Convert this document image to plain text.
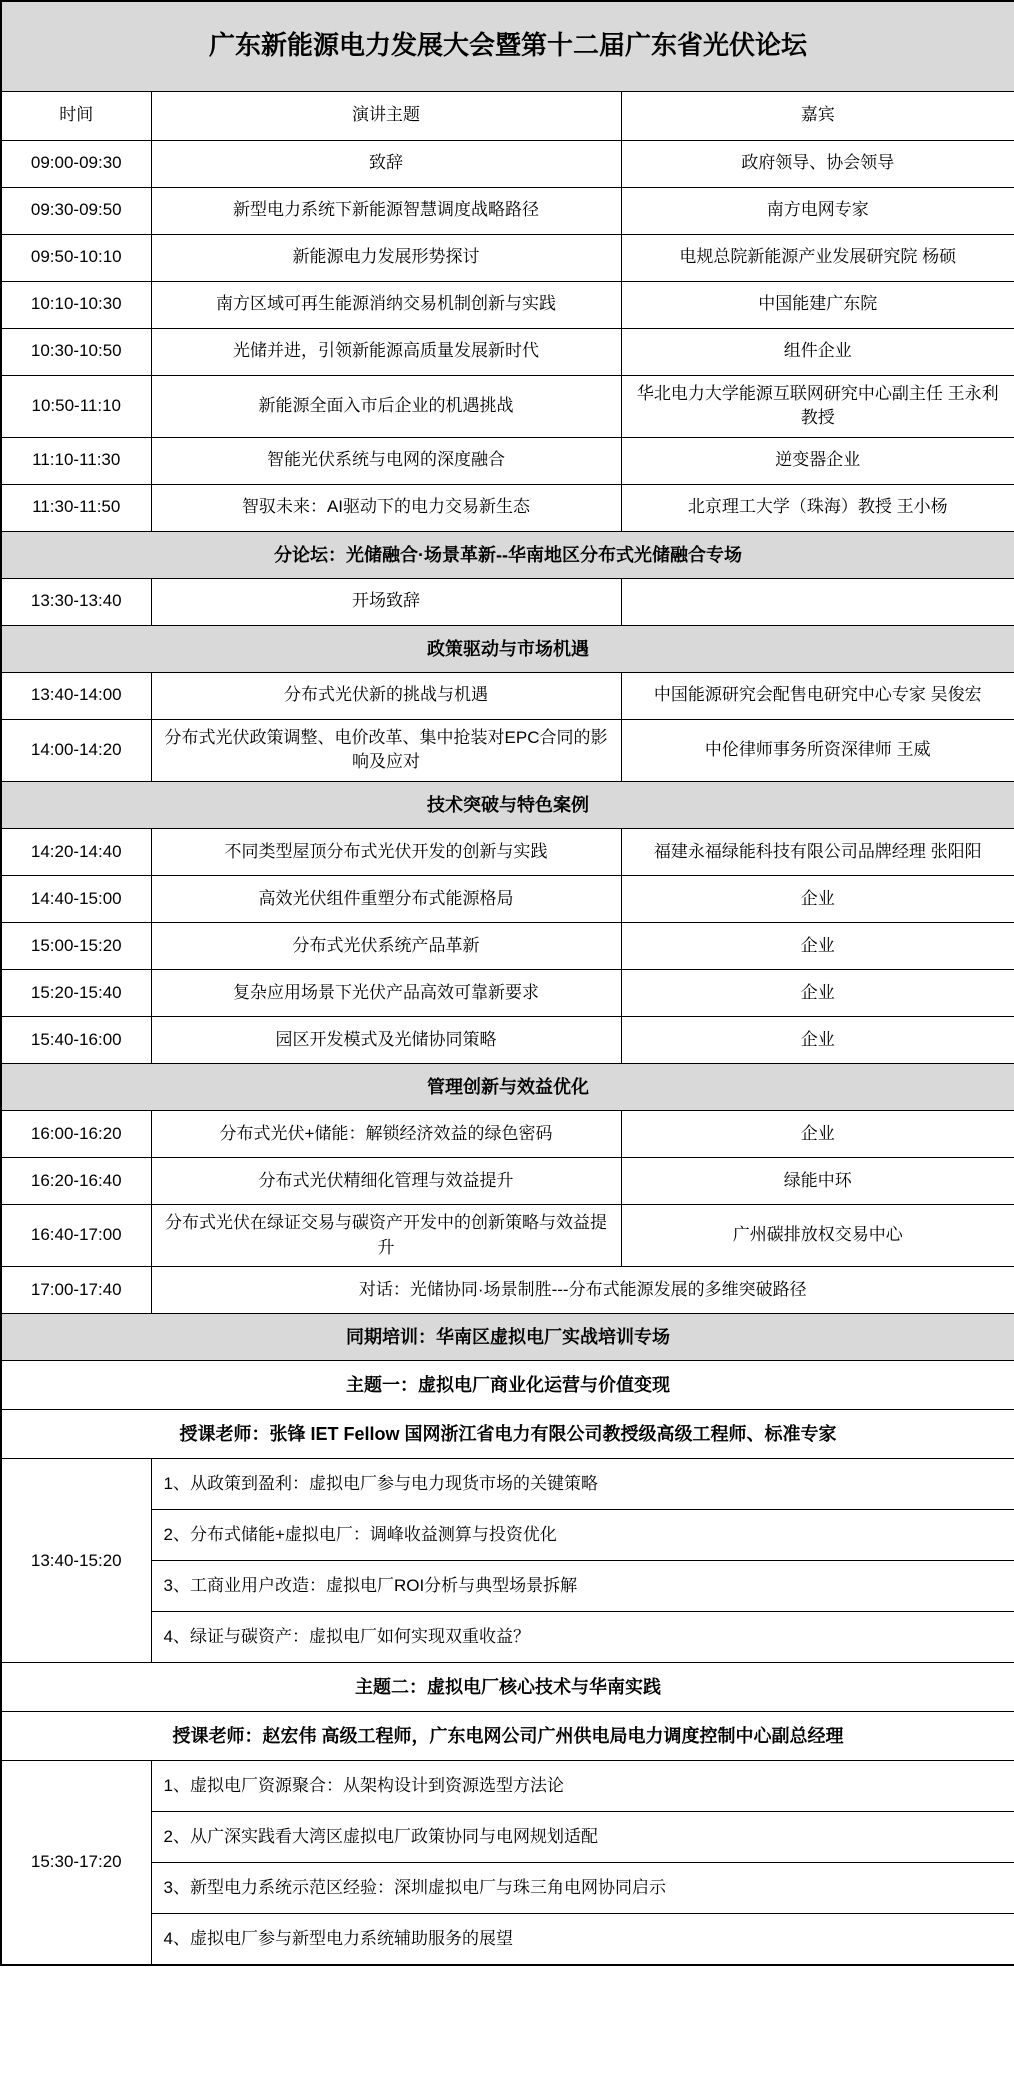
广东新能源电力发展大会暨第十二届广东省光伏论坛		
时间	演讲主题	嘉宾
09:00-09:30	致辞	政府领导、协会领导
09:30-09:50	新型电力系统下新能源智慧调度战略路径	南方电网专家
09:50-10:10	新能源电力发展形势探讨	电规总院新能源产业发展研究院 杨硕
10:10-10:30	南方区域可再生能源消纳交易机制创新与实践	中国能建广东院
10:30-10:50	光储并进，引领新能源高质量发展新时代	组件企业
10:50-11:10	新能源全面入市后企业的机遇挑战	华北电力大学能源互联网研究中心副主任 王永利教授
11:10-11:30	智能光伏系统与电网的深度融合	逆变器企业
11:30-11:50	智驭未来：AI驱动下的电力交易新生态	北京理工大学（珠海）教授 王小杨
分论坛：光储融合·场景革新--华南地区分布式光储融合专场		
13:30-13:40	开场致辞	
政策驱动与市场机遇		
13:40-14:00	分布式光伏新的挑战与机遇	中国能源研究会配售电研究中心专家 吴俊宏
14:00-14:20	分布式光伏政策调整、电价改革、集中抢装对EPC合同的影响及应对	中伦律师事务所资深律师 王威
技术突破与特色案例		
14:20-14:40	不同类型屋顶分布式光伏开发的创新与实践	福建永福绿能科技有限公司品牌经理 张阳阳
14:40-15:00	高效光伏组件重塑分布式能源格局	企业
15:00-15:20	分布式光伏系统产品革新	企业
15:20-15:40	复杂应用场景下光伏产品高效可靠新要求	企业
15:40-16:00	园区开发模式及光储协同策略	企业
管理创新与效益优化		
16:00-16:20	分布式光伏+储能：解锁经济效益的绿色密码	企业
16:20-16:40	分布式光伏精细化管理与效益提升	绿能中环
16:40-17:00	分布式光伏在绿证交易与碳资产开发中的创新策略与效益提升	广州碳排放权交易中心
17:00-17:40	对话：光储协同·场景制胜---分布式能源发展的多维突破路径	
同期培训：华南区虚拟电厂实战培训专场		
主题一：虚拟电厂商业化运营与价值变现		
授课老师：张锋 IET Fellow 国网浙江省电力有限公司教授级高级工程师、标准专家		
13:40-15:20	1、从政策到盈利：虚拟电厂参与电力现货市场的关键策略	
	2、分布式储能+虚拟电厂：调峰收益测算与投资优化	
	3、工商业用户改造：虚拟电厂ROI分析与典型场景拆解	
	4、绿证与碳资产：虚拟电厂如何实现双重收益？	
主题二：虚拟电厂核心技术与华南实践		
授课老师：赵宏伟 高级工程师，广东电网公司广州供电局电力调度控制中心副总经理		
15:30-17:20	1、虚拟电厂资源聚合：从架构设计到资源选型方法论	
	2、从广深实践看大湾区虚拟电厂政策协同与电网规划适配	
	3、新型电力系统示范区经验：深圳虚拟电厂与珠三角电网协同启示	
	4、虚拟电厂参与新型电力系统辅助服务的展望	
